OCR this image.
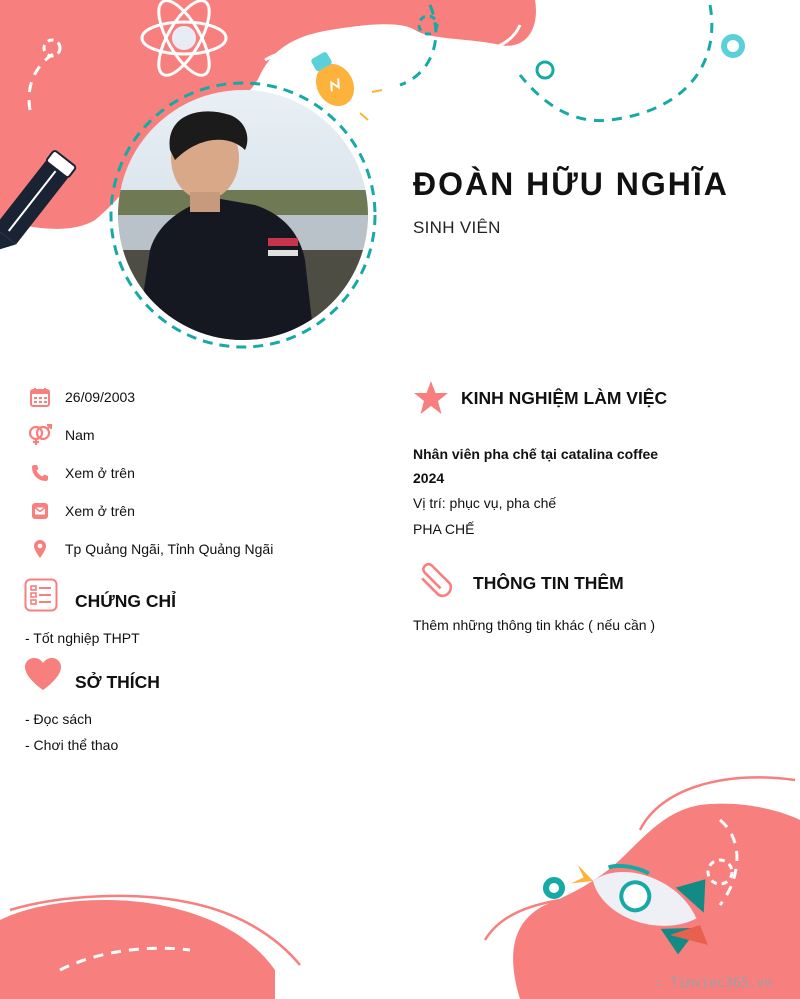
ĐOÀN HỮU NGHĨA
SINH VIÊN
26/09/2003
Nam
Xem ở trên
Xem ở trên
Tp Quảng Ngãi, Tỉnh Quảng Ngãi
CHỨNG CHỈ
- Tốt nghiệp THPT
SỞ THÍCH
- Đọc sách
- Chơi thể thao
KINH NGHIỆM LÀM VIỆC
Nhân viên pha chế tại catalina coffee
2024
Vị trí: phục vụ, pha chế
PHA CHẾ
THÔNG TIN THÊM
Thêm những thông tin khác ( nếu cần )
∴ Timviec365.vn
